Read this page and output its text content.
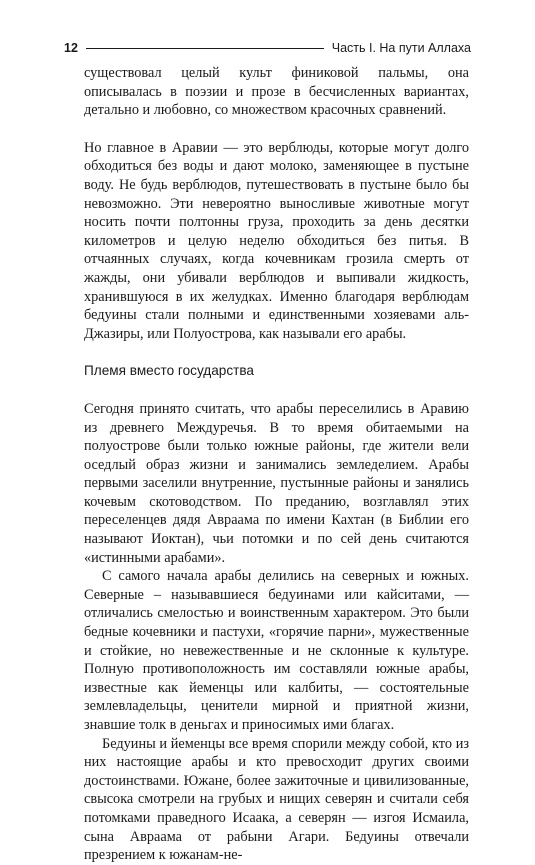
12	Часть I. На пути Аллаха

существовал целый культ финиковой пальмы, она описывалась в поэзии и прозе в бесчисленных вариантах, детально и любовно, со множеством красочных сравнений.

Но главное в Аравии — это верблюды, которые могут долго обходиться без воды и дают молоко, заменяющее в пустыне воду. Не будь верблюдов, путешествовать в пустыне было бы невозможно. Эти невероятно выносливые животные могут носить почти полтонны груза, проходить за день десятки километров и целую неделю обходиться без питья. В отчаянных случаях, когда кочевникам грозила смерть от жажды, они убивали верблюдов и выпивали жидкость, хранившуюся в их желудках. Именно благодаря верблюдам бедуины стали полными и единственными хозяевами аль-Джазиры, или Полуострова, как называли его арабы.

Племя вместо государства

Сегодня принято считать, что арабы переселились в Аравию из древнего Междуречья. В то время обитаемыми на полуострове были только южные районы, где жители вели оседлый образ жизни и занимались земледелием. Арабы первыми заселили внутренние, пустынные районы и занялись кочевым скотоводством. По преданию, возглавлял этих переселенцев дядя Авраама по имени Кахтан (в Библии его называют Иоктан), чьи потомки и по сей день считаются «истинными арабами».

С самого начала арабы делились на северных и южных. Северные – называвшиеся бедуинами или кайситами, — отличались смелостью и воинственным характером. Это были бедные кочевники и пастухи, «горячие парни», мужественные и стойкие, но невежественные и не склонные к культуре. Полную противоположность им составляли южные арабы, известные как йеменцы или калбиты, — состоятельные землевладельцы, ценители мирной и приятной жизни, знавшие толк в деньгах и приносимых ими благах.

Бедуины и йеменцы все время спорили между собой, кто из них настоящие арабы и кто превосходит других своими достоинствами. Южане, более зажиточные и цивилизованные, свысока смотрели на грубых и нищих северян и считали себя потомками праведного Исаака, а северян — изгоя Исмаила, сына Авраама от рабыни Агари. Бедуины отвечали презрением к южанам-не-
